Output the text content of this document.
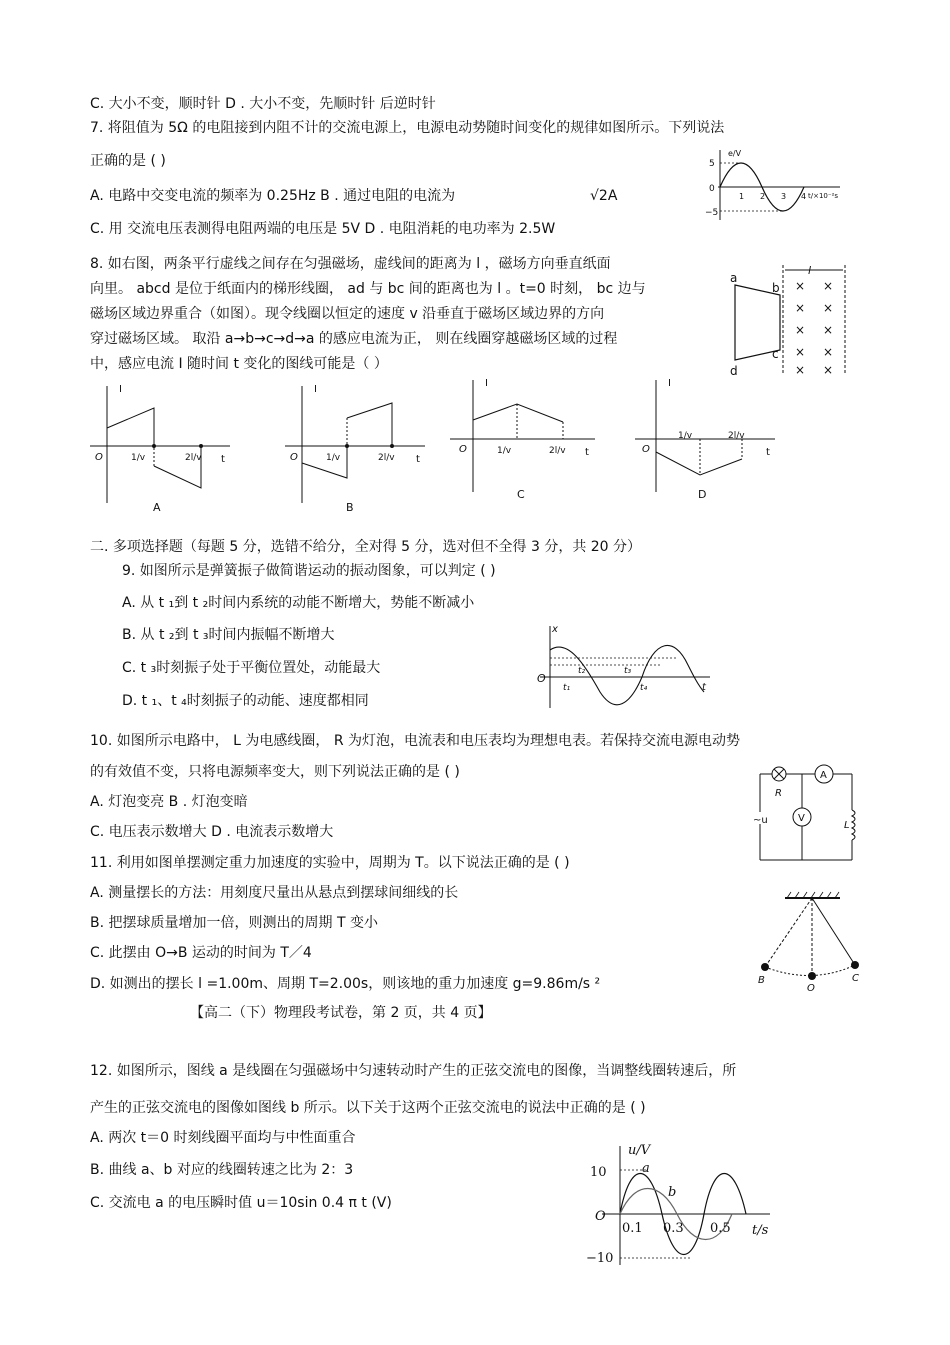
C. 大小不变，顺时针 D . 大小不变，先顺时针 后逆时针
7. 将阻值为 5Ω 的电阻接到内阻不计的交流电源上，电源电动势随时间变化的规律如图所示。下列说法
正确的是 ( )
A. 电路中交变电流的频率为 0.25Hz B . 通过电阻的电流为	√2A
C. 用 交流电压表测得电阻两端的电压是 5V D . 电阻消耗的电功率为 2.5W
8. 如右图，两条平行虚线之间存在匀强磁场，虚线间的距离为 l ，磁场方向垂直纸面
向里。 abcd 是位于纸面内的梯形线圈， ad 与 bc 间的距离也为 l 。t=0 时刻， bc 边与
磁场区域边界重合（如图）。现令线圈以恒定的速度 v 沿垂直于磁场区域边界的方向
穿过磁场区域。 取沿 a→b→c→d→a 的感应电流为正， 则在线圈穿越磁场区域的过程
中，感应电流 I 随时间 t 变化的图线可能是（ ）
二. 多项选择题（每题 5 分，选错不给分，全对得 5 分，选对但不全得 3 分，共 20 分）
9. 如图所示是弹簧振子做简谐运动的振动图象，可以判定 ( )
A. 从 t ₁到 t ₂时间内系统的动能不断增大，势能不断减小
B. 从 t ₂到 t ₃时间内振幅不断增大
C. t ₃时刻振子处于平衡位置处，动能最大
D. t ₁、t ₄时刻振子的动能、速度都相同
10. 如图所示电路中， L 为电感线圈， R 为灯泡，电流表和电压表均为理想电表。若保持交流电源电动势
的有效值不变，只将电源频率变大，则下列说法正确的是 ( )
A. 灯泡变亮 B . 灯泡变暗
C. 电压表示数增大 D . 电流表示数增大
11. 利用如图单摆测定重力加速度的实验中，周期为 T。以下说法正确的是 ( )
A. 测量摆长的方法：用刻度尺量出从悬点到摆球间细线的长
B. 把摆球质量增加一倍，则测出的周期 T 变小
C. 此摆由 O→B 运动的时间为 T／4
D. 如测出的摆长 l =1.00m、周期 T=2.00s，则该地的重力加速度 g=9.86m/s ²
【高二（下）物理段考试卷，第 2 页，共 4 页】
12. 如图所示，图线 a 是线圈在匀强磁场中匀速转动时产生的正弦交流电的图像，当调整线圈转速后，所
产生的正弦交流电的图像如图线 b 所示。以下关于这两个正弦交流电的说法中正确的是 ( )
A. 两次 t＝0 时刻线圈平面均与中性面重合
B. 曲线 a、b 对应的线圈转速之比为 2：3
C. 交流电 a 的电压瞬时值 u＝10sin 0.4 π t (V)
e/V
5
−5
0
1 2 3 4 t/×10⁻²s
l
× ×
× ×
× ×
× ×
× ×
a
b
c
d
I
O	t
1/v	2l/v
A
I
O	t
1/v	2l/v
B
I
O	t
1/v	2l/v
C
I
O	t
1/v	2l/v
D
x
O
t
t₁
t₂	t₃
t₄
A
V
R
~u	L
B
O
C
u/V
10
−10
O
0.1 0.3 0.5 t/s
a
b
